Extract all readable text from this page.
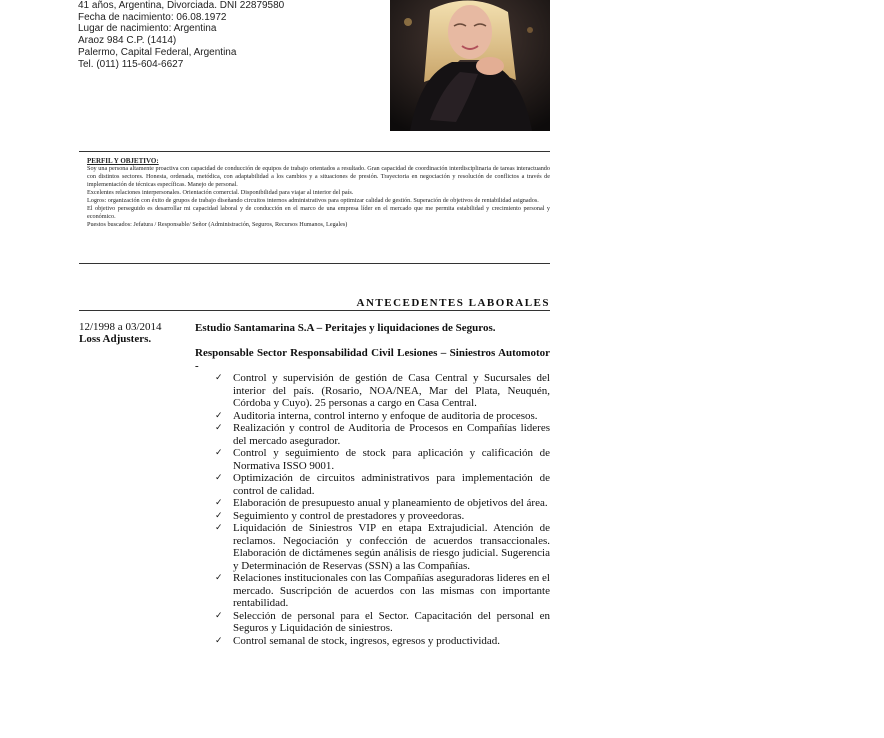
41 años, Argentina, Divorciada. DNI 22879580
Fecha de nacimiento: 06.08.1972
Lugar de nacimiento: Argentina
Araoz 984 C.P. (1414)
Palermo, Capital Federal, Argentina
Tel. (011) 115-604-6627
PERFIL Y OBJETIVO:

Soy una persona altamente proactiva con capacidad de conducción de equipos de trabajo orientados a resultado. Gran capacidad de coordinación interdisciplinaria de tareas interactuando con distintos sectores. Honesta, ordenada, metódica, con adaptabilidad a los cambios y a situaciones de presión. Trayectoria en negociación y resolución de conflictos a través de implementación de técnicas específicas. Manejo de personal.

Excelentes relaciones interpersonales. Orientación comercial. Disponibilidad para viajar al interior del país.

Logros: organización con éxito de grupos de trabajo diseñando circuitos internos administrativos para optimizar calidad de gestión. Superación de objetivos de rentabilidad asignados.

El objetivo perseguido es desarrollar mi capacidad laboral y de conducción en el marco de una empresa líder en el mercado que me permita estabilidad y crecimiento personal y económico.

Puestos buscados: Jefatura / Responsable/ Señor (Administración, Seguros, Recursos Humanos, Legales)

ANTECEDENTES LABORALES
12/1998 a 03/2014
Loss Adjusters.
Estudio Santamarina S.A – Peritajes y liquidaciones de Seguros.
Responsable Sector Responsabilidad Civil Lesiones – Siniestros Automotor -
✓ Control y supervisión de gestión de Casa Central y Sucursales del interior del país. (Rosario, NOA/NEA, Mar del Plata, Neuquén, Córdoba y Cuyo). 25 personas a cargo en Casa Central.
✓ Auditoria interna, control interno y enfoque de auditoria de procesos.
✓ Realización y control de Auditoria de Procesos en Compañías lideres del mercado asegurador.
✓ Control y seguimiento de stock para aplicación y calificación de Normativa ISSO 9001.
✓ Optimización de circuitos administrativos para implementación de control de calidad.
✓ Elaboración de presupuesto anual y planeamiento de objetivos del área.
✓ Seguimiento y control de prestadores y proveedoras.
✓ Liquidación de Siniestros VIP en etapa Extrajudicial. Atención de reclamos. Negociación y confección de acuerdos transaccionales. Elaboración de dictámenes según análisis de riesgo judicial. Sugerencia y Determinación de Reservas (SSN) a las Compañías.
✓ Relaciones institucionales con las Compañías aseguradoras lideres en el mercado. Suscripción de acuerdos con las mismas con importante rentabilidad.
✓ Selección de personal para el Sector. Capacitación del personal en Seguros y Liquidación de siniestros.
✓ Control semanal de stock, ingresos, egresos y productividad.
